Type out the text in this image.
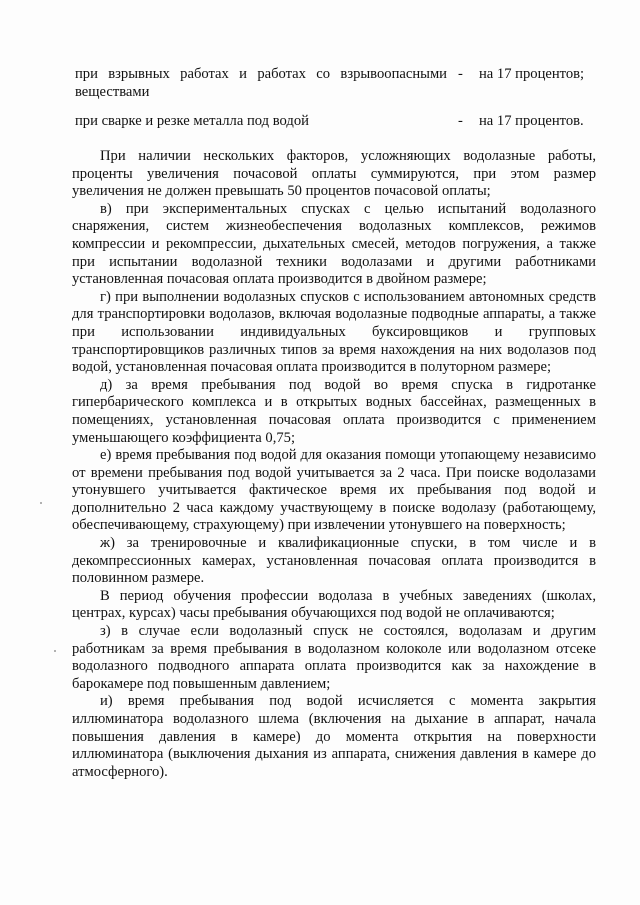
при взрывных работах и работах со взрывоопасными веществами
- на 17 процентов;
при сварке и резке металла под водой	- на 17 процентов.

При наличии нескольких факторов, усложняющих водолазные работы, проценты увеличения почасовой оплаты суммируются, при этом размер увеличения не должен превышать 50 процентов почасовой оплаты;

в) при экспериментальных спусках с целью испытаний водолазного снаряжения, систем жизнеобеспечения водолазных комплексов, режимов компрессии и рекомпрессии, дыхательных смесей, методов погружения, а также при испытании водолазной техники водолазами и другими работниками установленная почасовая оплата производится в двойном размере;

г) при выполнении водолазных спусков с использованием автономных средств для транспортировки водолазов, включая водолазные подводные аппараты, а также при использовании индивидуальных буксировщиков и групповых транспортировщиков различных типов за время нахождения на них водолазов под водой, установленная почасовая оплата производится в полуторном размере;

д) за время пребывания под водой во время спуска в гидротанке гипербарического комплекса и в открытых водных бассейнах, размещенных в помещениях, установленная почасовая оплата производится с применением уменьшающего коэффициента 0,75;

е) время пребывания под водой для оказания помощи утопающему независимо от времени пребывания под водой учитывается за 2 часа. При поиске водолазами утонувшего учитывается фактическое время их пребывания под водой и дополнительно 2 часа каждому участвующему в поиске водолазу (работающему, обеспечивающему, страхующему) при извлечении утонувшего на поверхность;

ж) за тренировочные и квалификационные спуски, в том числе и в декомпрессионных камерах, установленная почасовая оплата производится в половинном размере.

В период обучения профессии водолаза в учебных заведениях (школах, центрах, курсах) часы пребывания обучающихся под водой не оплачиваются;

з) в случае если водолазный спуск не состоялся, водолазам и другим работникам за время пребывания в водолазном колоколе или водолазном отсеке водолазного подводного аппарата оплата производится как за нахождение в барокамере под повышенным давлением;

и) время пребывания под водой исчисляется с момента закрытия иллюминатора водолазного шлема (включения на дыхание в аппарат, начала повышения давления в камере) до момента открытия на поверхности иллюминатора (выключения дыхания из аппарата, снижения давления в камере до атмосферного).
